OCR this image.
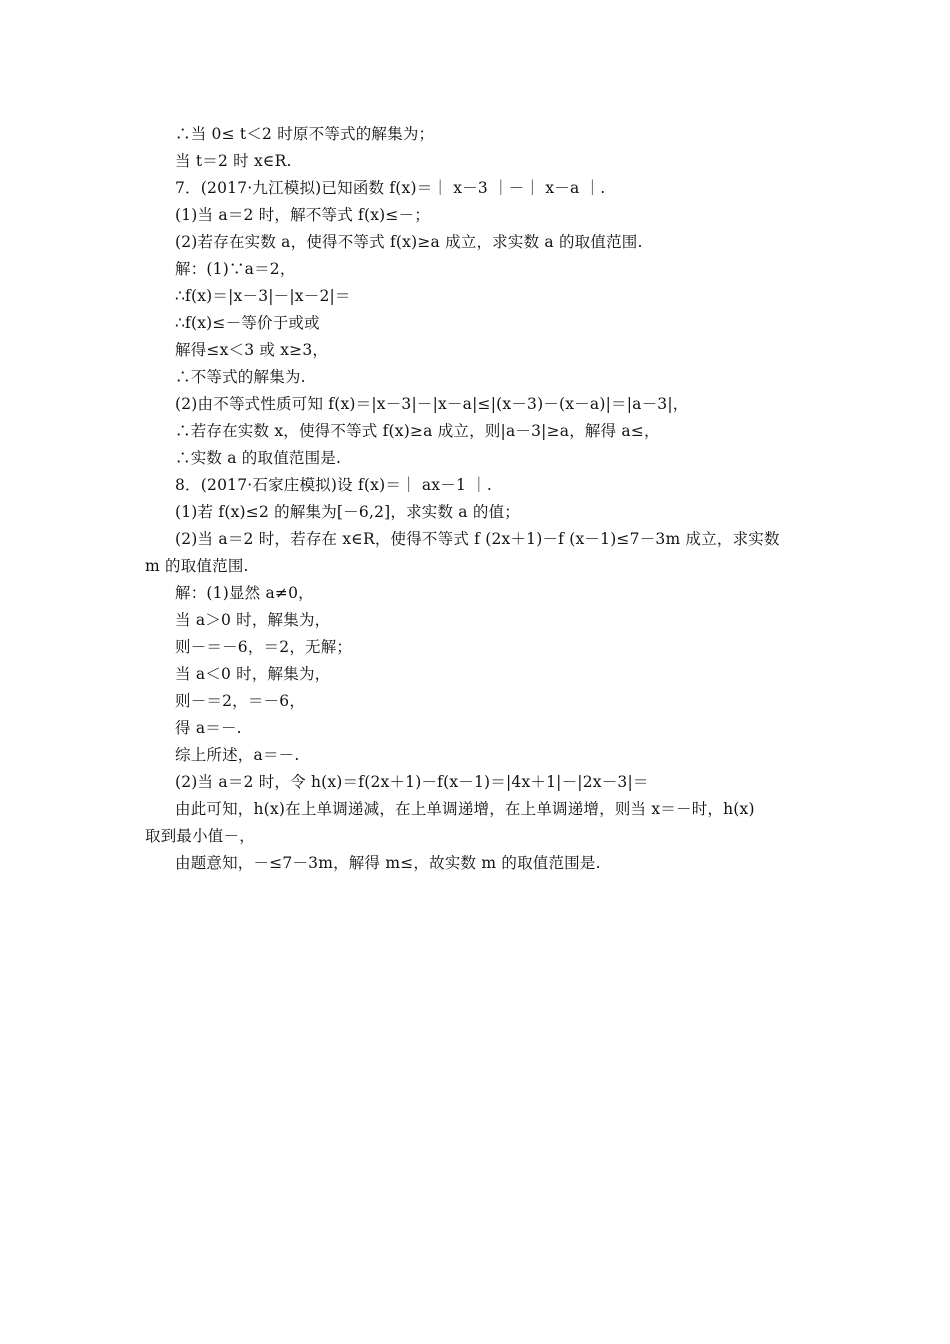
∴当 0≤ t＜2 时原不等式的解集为；
当 t＝2 时 x∈R.
7．(2017·九江模拟)已知函数 f(x)＝｜ x－3 ｜－｜ x－a ｜.
(1)当 a＝2 时，解不等式 f(x)≤－；
(2)若存在实数 a，使得不等式 f(x)≥a 成立，求实数 a 的取值范围.
解：(1)∵a＝2，
∴f(x)＝|x－3|－|x－2|＝
∴f(x)≤－等价于或或
解得≤x＜3 或 x≥3，
∴不等式的解集为.
(2)由不等式性质可知 f(x)＝|x－3|－|x－a|≤|(x－3)－(x－a)|＝|a－3|，
∴若存在实数 x，使得不等式 f(x)≥a 成立，则|a－3|≥a，解得 a≤，
∴实数 a 的取值范围是.
8．(2017·石家庄模拟)设 f(x)＝｜ ax－1 ｜.
(1)若 f(x)≤2 的解集为[－6,2]，求实数 a 的值；
(2)当 a＝2 时，若存在 x∈R，使得不等式 f (2x＋1)－f (x－1)≤7－3m 成立，求实数
m 的取值范围.
解：(1)显然 a≠0，
当 a＞0 时，解集为，
则－＝－6，＝2，无解；
当 a＜0 时，解集为，
则－＝2，＝－6，
得 a＝－.
综上所述，a＝－.
(2)当 a＝2 时，令 h(x)＝f(2x＋1)－f(x－1)＝|4x＋1|－|2x－3|＝
由此可知，h(x)在上单调递减，在上单调递增，在上单调递增，则当 x＝－时，h(x)
取到最小值－，
由题意知，－≤7－3m，解得 m≤，故实数 m 的取值范围是.
